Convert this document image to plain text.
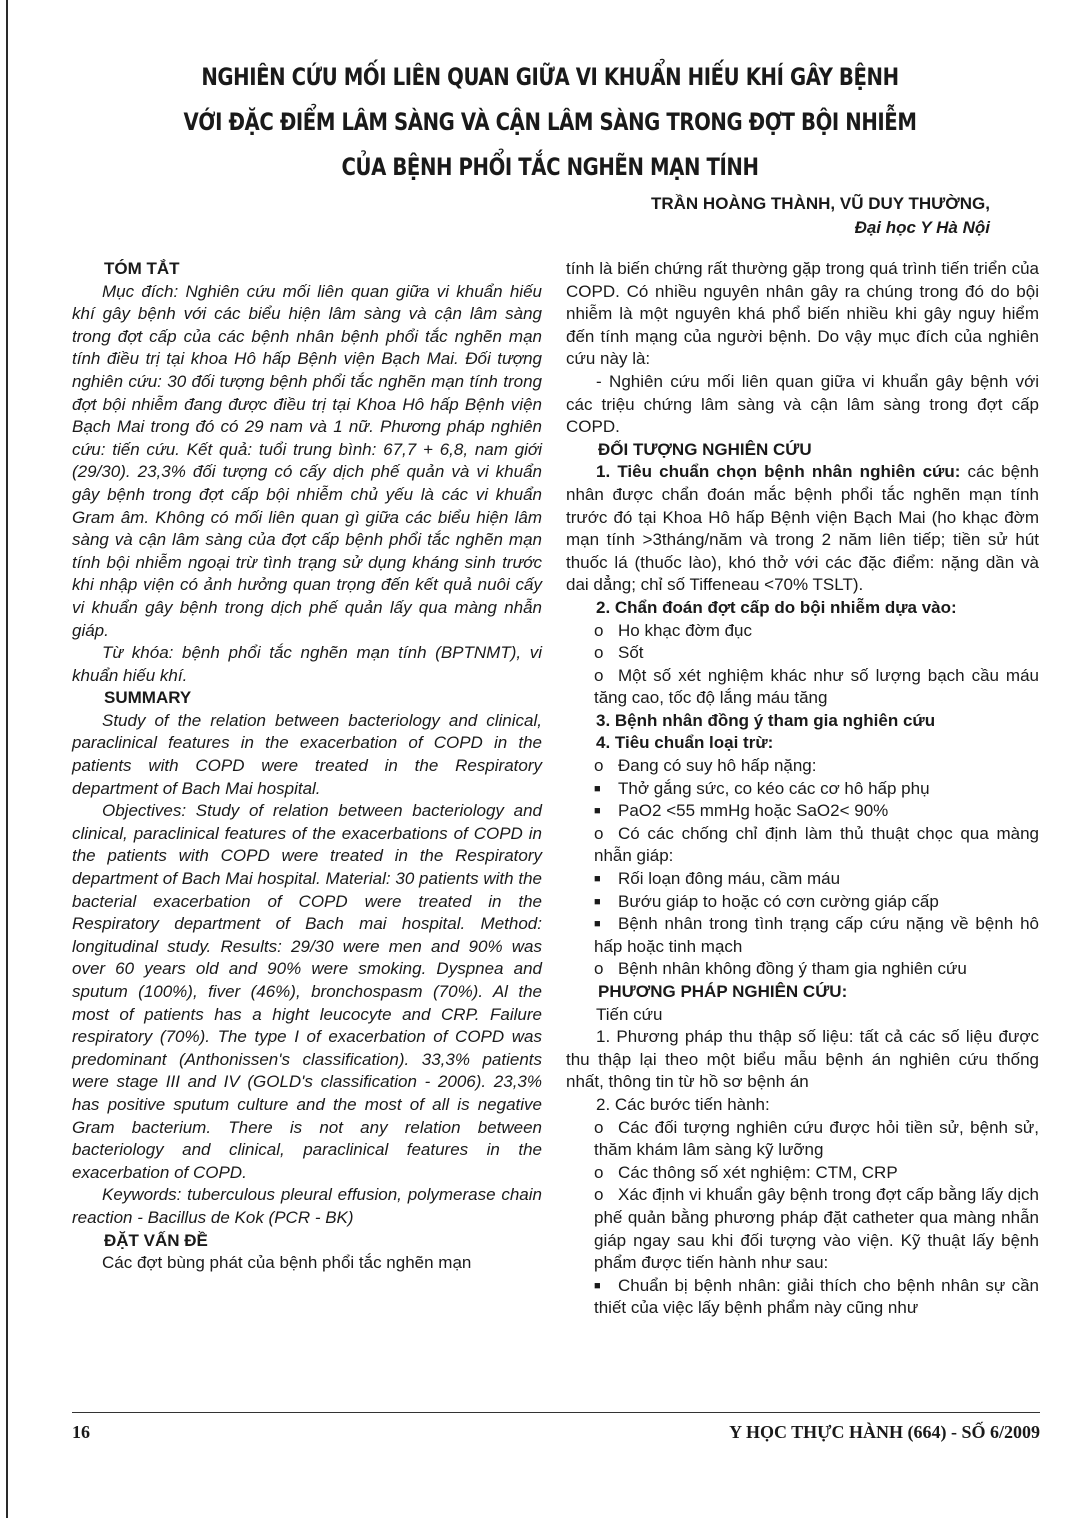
NGHIÊN CỨU MỐI LIÊN QUAN GIỮA VI KHUẨN HIẾU KHÍ GÂY BỆNH
VỚI ĐẶC ĐIỂM LÂM SÀNG VÀ CẬN LÂM SÀNG TRONG ĐỢT BỘI NHIỄM
CỦA BỆNH PHỔI TẮC NGHẼN MẠN TÍNH
TRẦN HOÀNG THÀNH, VŨ DUY THƯỜNG,
Đại học Y Hà Nội

TÓM TẮT

Mục đích: Nghiên cứu mối liên quan giữa vi khuẩn hiếu khí gây bệnh với các biểu hiện lâm sàng và cận lâm sàng trong đợt cấp của các bệnh nhân bệnh phổi tắc nghẽn mạn tính điều trị tại khoa Hô hấp Bệnh viện Bạch Mai. Đối tượng nghiên cứu: 30 đối tượng bệnh phổi tắc nghẽn mạn tính trong đợt bội nhiễm đang được điều trị tại Khoa Hô hấp Bệnh viện Bạch Mai trong đó có 29 nam và 1 nữ. Phương pháp nghiên cứu: tiến cứu. Kết quả: tuổi trung bình: 67,7 + 6,8, nam giới (29/30). 23,3% đối tượng có cấy dịch phế quản và vi khuẩn gây bệnh trong đợt cấp bội nhiễm chủ yếu là các vi khuẩn Gram âm. Không có mối liên quan gì giữa các biểu hiện lâm sàng và cận lâm sàng của đợt cấp bệnh phổi tắc nghẽn mạn tính bội nhiễm ngoại trừ tình trạng sử dụng kháng sinh trước khi nhập viện có ảnh hưởng quan trọng đến kết quả nuôi cấy vi khuẩn gây bệnh trong dịch phế quản lấy qua màng nhẫn giáp.

Từ khóa: bệnh phổi tắc nghẽn mạn tính (BPTNMT), vi khuẩn hiếu khí.

SUMMARY

Study of the relation between bacteriology and clinical, paraclinical features in the exacerbation of COPD in the patients with COPD were treated in the Respiratory department of Bach Mai hospital.

Objectives: Study of relation between bacteriology and clinical, paraclinical features of the exacerbations of COPD in the patients with COPD were treated in the Respiratory department of Bach Mai hospital. Material: 30 patients with the bacterial exacerbation of COPD were treated in the Respiratory department of Bach mai hospital. Method: longitudinal study. Results: 29/30 were men and 90% was over 60 years old and 90% were smoking. Dyspnea and sputum (100%), fiver (46%), bronchospasm (70%). Al the most of patients has a hight leucocyte and CRP. Failure respiratory (70%). The type I of exacerbation of COPD was predominant (Anthonissen's classification). 33,3% patients were stage III and IV (GOLD's classification - 2006). 23,3% has positive sputum culture and the most of all is negative Gram bacterium. There is not any relation between bacteriology and clinical, paraclinical features in the exacerbation of COPD.

Keywords: tuberculous pleural effusion, polymerase chain reaction - Bacillus de Kok (PCR - BK)

ĐẶT VẤN ĐỀ

Các đợt bùng phát của bệnh phổi tắc nghẽn mạn

tính là biến chứng rất thường gặp trong quá trình tiến triển của COPD. Có nhiều nguyên nhân gây ra chúng trong đó do bội nhiễm là một nguyên khá phổ biến nhiều khi gây nguy hiểm đến tính mạng của người bệnh. Do vậy mục đích của nghiên cứu này là:

- Nghiên cứu mối liên quan giữa vi khuẩn gây bệnh với các triệu chứng lâm sàng và cận lâm sàng trong đợt cấp COPD.

ĐỐI TƯỢNG NGHIÊN CỨU

1. Tiêu chuẩn chọn bệnh nhân nghiên cứu: các bệnh nhân được chẩn đoán mắc bệnh phổi tắc nghẽn mạn tính trước đó tại Khoa Hô hấp Bệnh viện Bạch Mai (ho khạc đờm mạn tính >3tháng/năm và trong 2 năm liên tiếp; tiền sử hút thuốc lá (thuốc lào), khó thở với các đặc điểm: nặng dần và dai dẳng; chỉ số Tiffeneau <70% TSLT).

2. Chẩn đoán đợt cấp do bội nhiễm dựa vào:

o Ho khạc đờm đục

o Sốt

o Một số xét nghiệm khác như số lượng bạch cầu máu tăng cao, tốc độ lắng máu tăng

3. Bệnh nhân đồng ý tham gia nghiên cứu

4. Tiêu chuẩn loại trừ:

o Đang có suy hô hấp nặng:

■ Thở gắng sức, co kéo các cơ hô hấp phụ

■ PaO2 <55 mmHg hoặc SaO2< 90%

o Có các chống chỉ định làm thủ thuật chọc qua màng nhẫn giáp:

■ Rối loạn đông máu, cầm máu

■ Bướu giáp to hoặc có cơn cường giáp cấp

■ Bệnh nhân trong tình trạng cấp cứu nặng về bệnh hô hấp hoặc tinh mạch

o Bệnh nhân không đồng ý tham gia nghiên cứu

PHƯƠNG PHÁP NGHIÊN CỨU:

Tiến cứu

1. Phương pháp thu thập số liệu: tất cả các số liệu được thu thập lại theo một biểu mẫu bệnh án nghiên cứu thống nhất, thông tin từ hồ sơ bệnh án

2. Các bước tiến hành:

o Các đối tượng nghiên cứu được hỏi tiền sử, bệnh sử, thăm khám lâm sàng kỹ lưỡng

o Các thông số xét nghiệm: CTM, CRP

o Xác định vi khuẩn gây bệnh trong đợt cấp bằng lấy dịch phế quản bằng phương pháp đặt catheter qua màng nhẫn giáp ngay sau khi đối tượng vào viện. Kỹ thuật lấy bệnh phẩm được tiến hành như sau:

■ Chuẩn bị bệnh nhân: giải thích cho bệnh nhân sự cần thiết của việc lấy bệnh phẩm này cũng như

16	Y HỌC THỰC HÀNH (664) - SỐ 6/2009
